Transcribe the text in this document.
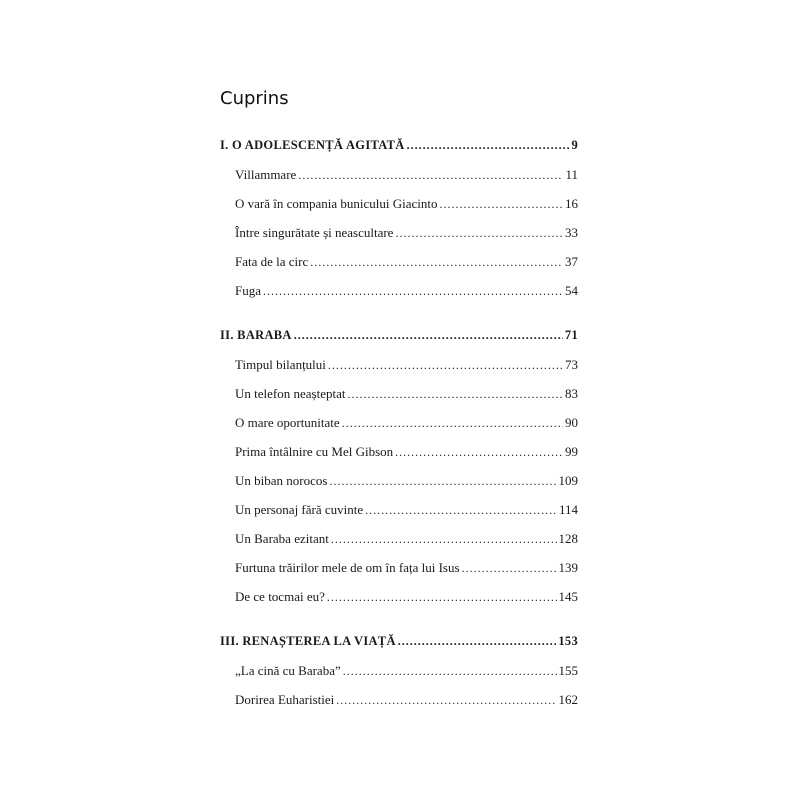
Cuprins
I. O ADOLESCENȚĂ AGITATĂ . . .	9
Villammare . . .	11
O vară în compania bunicului Giacinto . . .	16
Între singurătate și neascultare . . .	33
Fata de la circ . . .	37
Fuga . . .	54
II. BARABA . . .	71
Timpul bilanțului . . .	73
Un telefon neașteptat . . .	83
O mare oportunitate . . .	90
Prima întâlnire cu Mel Gibson . . .	99
Un biban norocos . . .	109
Un personaj fără cuvinte . . .	114
Un Baraba ezitant . . .	128
Furtuna trăirilor mele de om în fața lui Isus . . .	139
De ce tocmai eu? . . .	145
III. RENAȘTEREA LA VIAȚĂ . . .	153
„La cină cu Baraba” . . .	155
Dorirea Euharistiei . . .	162
